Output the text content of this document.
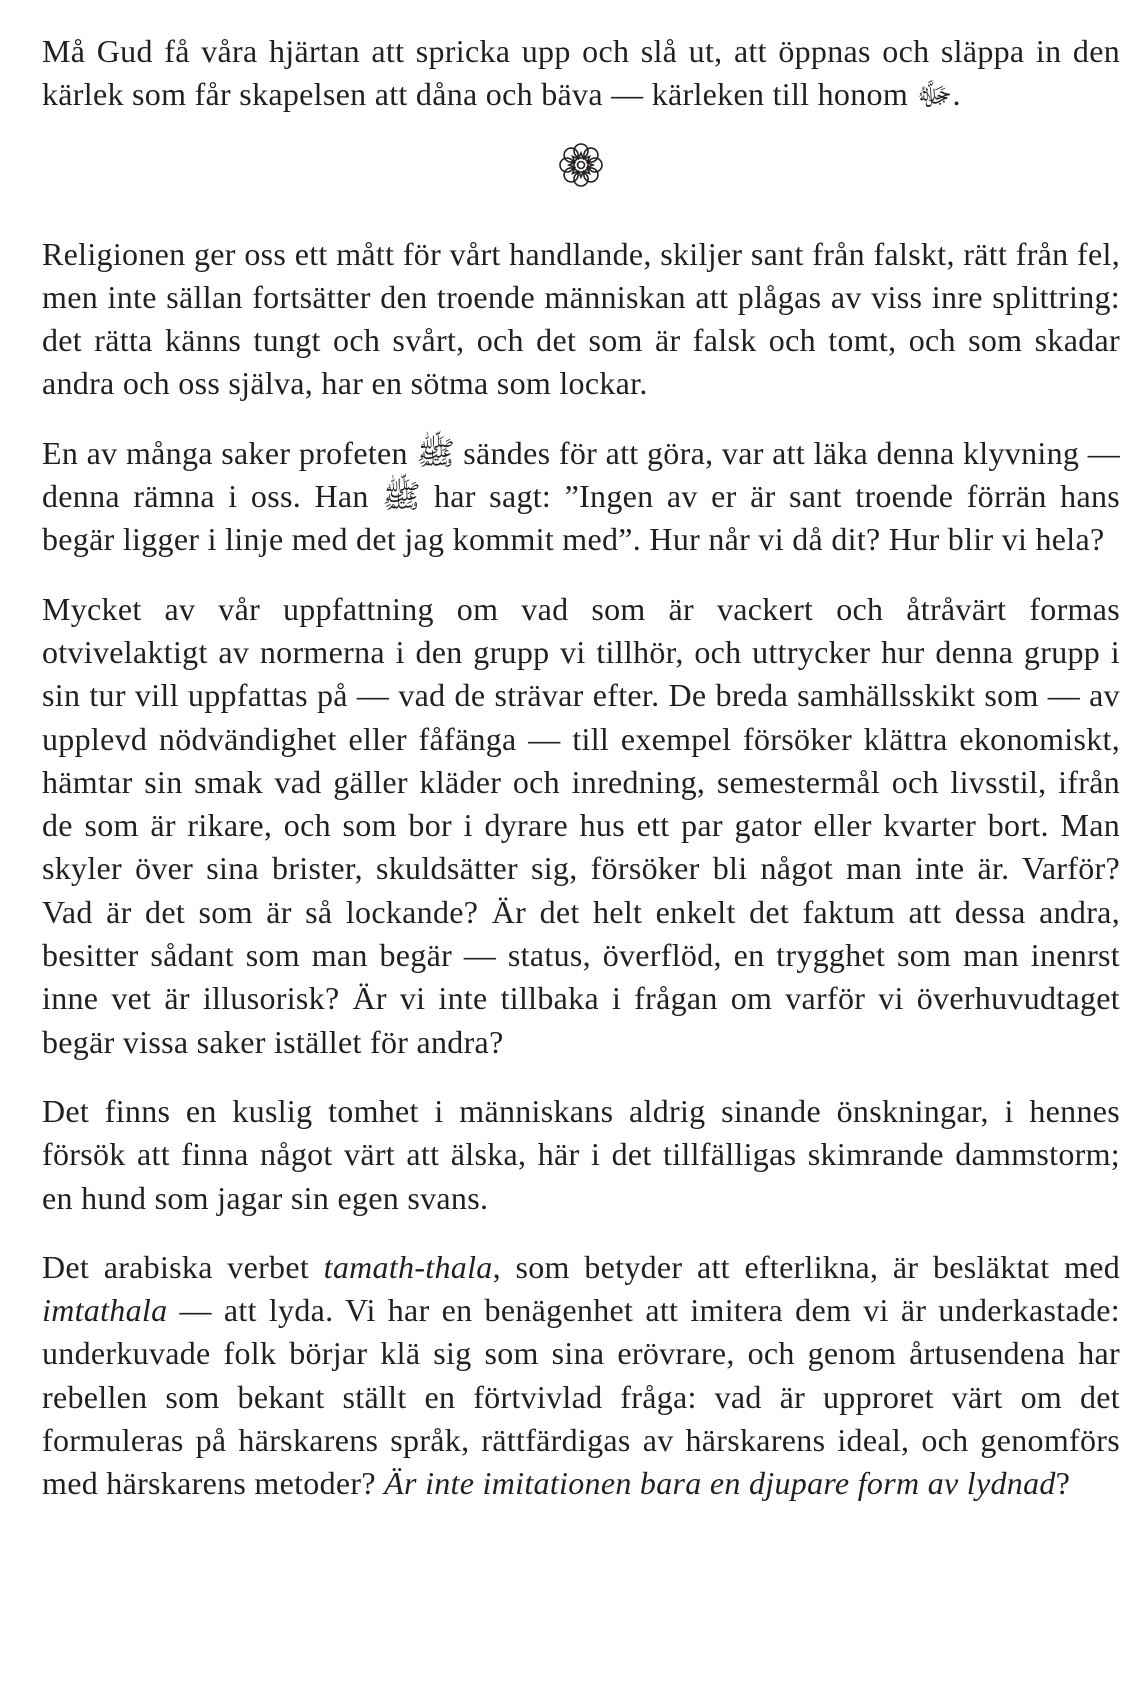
Må Gud få våra hjärtan att spricka upp och slå ut, att öppnas och släppa in den kärlek som får skapelsen att dåna och bäva — kärleken till honom ﷻ.

Religionen ger oss ett mått för vårt handlande, skiljer sant från falskt, rätt från fel, men inte sällan fortsätter den troende människan att plågas av viss inre splittring: det rätta känns tungt och svårt, och det som är falsk och tomt, och som skadar andra och oss själva, har en sötma som lockar.

En av många saker profeten ﷺ sändes för att göra, var att läka denna klyvning — denna rämna i oss. Han ﷺ har sagt: ”Ingen av er är sant troende förrän hans begär ligger i linje med det jag kommit med”. Hur når vi då dit? Hur blir vi hela?

Mycket av vår uppfattning om vad som är vackert och åtråvärt formas otvivelaktigt av normerna i den grupp vi tillhör, och uttrycker hur denna grupp i sin tur vill uppfattas på — vad de strävar efter. De breda samhällsskikt som — av upplevd nödvändighet eller fåfänga — till exempel försöker klättra ekonomiskt, hämtar sin smak vad gäller kläder och inredning, semestermål och livsstil, ifrån de som är rikare, och som bor i dyrare hus ett par gator eller kvarter bort. Man skyler över sina brister, skuldsätter sig, försöker bli något man inte är. Varför? Vad är det som är så lockande? Är det helt enkelt det faktum att dessa andra, besitter sådant som man begär — status, överflöd, en trygghet som man inenrst inne vet är illusorisk? Är vi inte tillbaka i frågan om varför vi överhuvudtaget begär vissa saker istället för andra?

Det finns en kuslig tomhet i människans aldrig sinande önskningar, i hennes försök att finna något värt att älska, här i det tillfälligas skimrande dammstorm; en hund som jagar sin egen svans.

Det arabiska verbet tamath-thala, som betyder att efterlikna, är besläktat med imtathala — att lyda. Vi har en benägenhet att imitera dem vi är underkastade: underkuvade folk börjar klä sig som sina erövrare, och genom årtusendena har rebellen som bekant ställt en förtvivlad fråga: vad är upproret värt om det formuleras på härskarens språk, rättfärdigas av härskarens ideal, och genomförs med härskarens metoder? Är inte imitationen bara en djupare form av lydnad?
